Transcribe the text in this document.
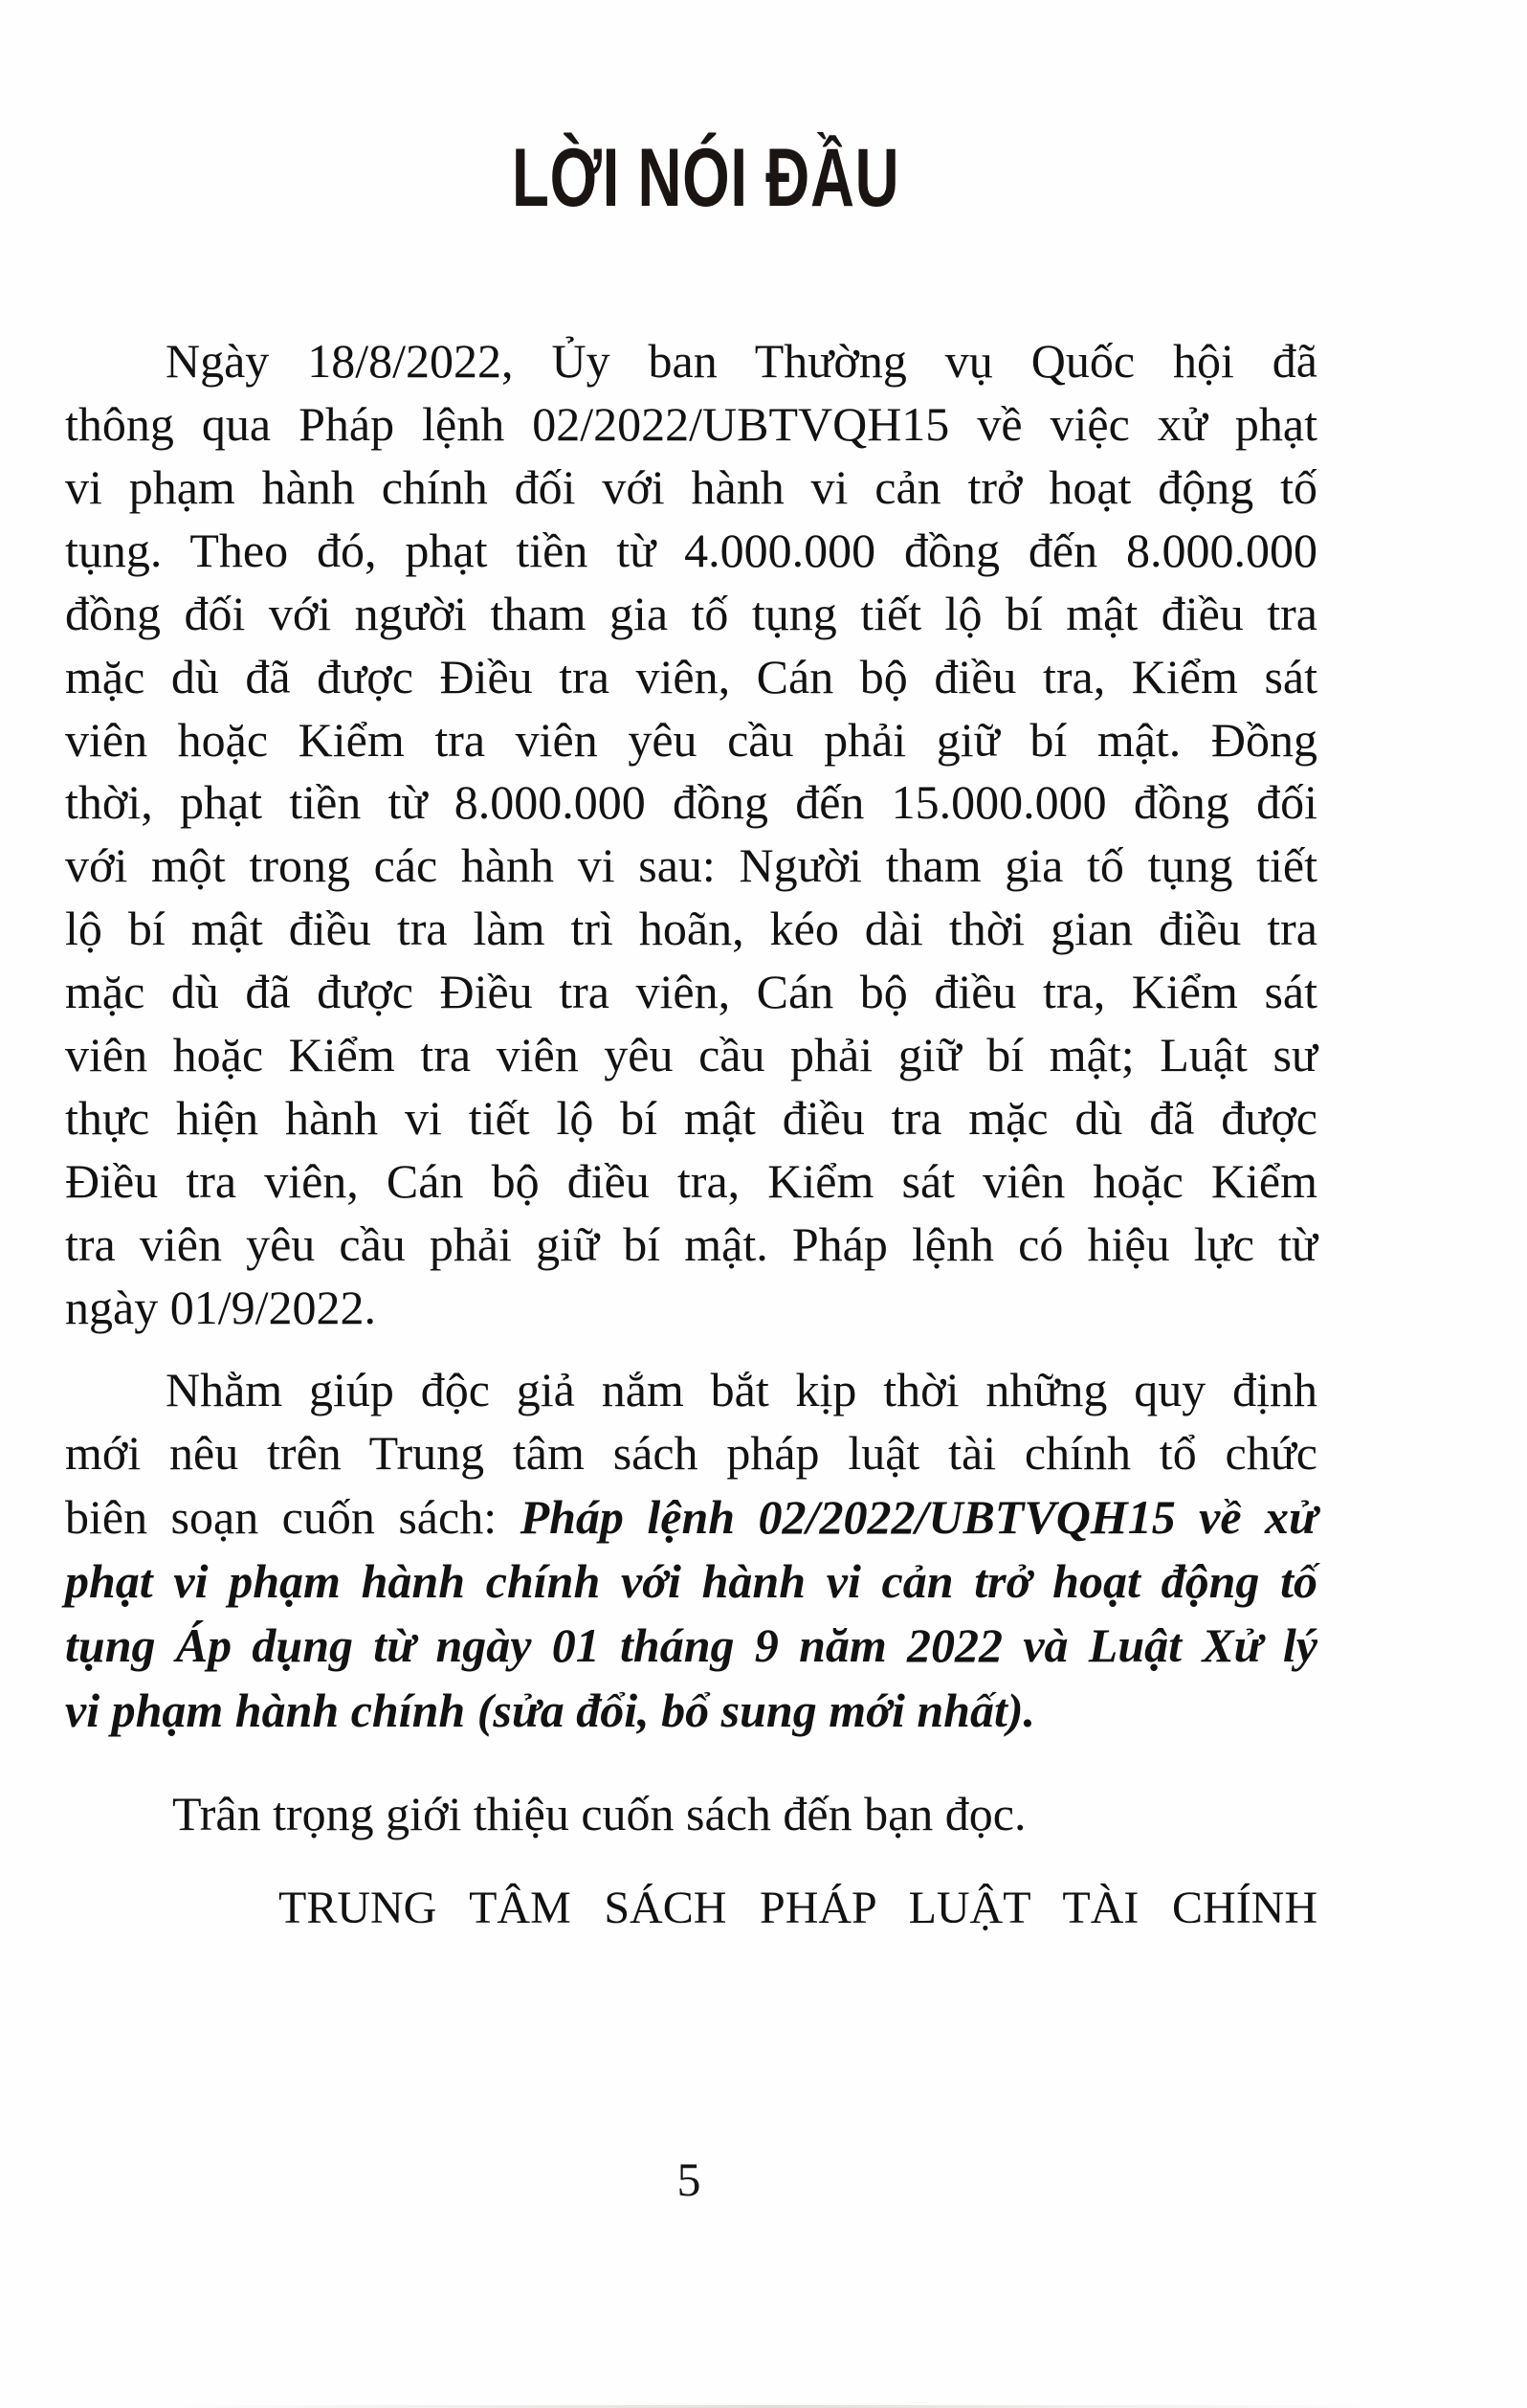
LỜI NÓI ĐẦU
Ngày 18/8/2022, Ủy ban Thường vụ Quốc hội đã
thông qua Pháp lệnh 02/2022/UBTVQH15 về việc xử phạt
vi phạm hành chính đối với hành vi cản trở hoạt động tố
tụng. Theo đó, phạt tiền từ 4.000.000 đồng đến 8.000.000
đồng đối với người tham gia tố tụng tiết lộ bí mật điều tra
mặc dù đã được Điều tra viên, Cán bộ điều tra, Kiểm sát
viên hoặc Kiểm tra viên yêu cầu phải giữ bí mật. Đồng
thời, phạt tiền từ 8.000.000 đồng đến 15.000.000 đồng đối
với một trong các hành vi sau: Người tham gia tố tụng tiết
lộ bí mật điều tra làm trì hoãn, kéo dài thời gian điều tra
mặc dù đã được Điều tra viên, Cán bộ điều tra, Kiểm sát
viên hoặc Kiểm tra viên yêu cầu phải giữ bí mật; Luật sư
thực hiện hành vi tiết lộ bí mật điều tra mặc dù đã được
Điều tra viên, Cán bộ điều tra, Kiểm sát viên hoặc Kiểm
tra viên yêu cầu phải giữ bí mật. Pháp lệnh có hiệu lực từ
ngày 01/9/2022.
Nhằm giúp độc giả nắm bắt kịp thời những quy định
mới nêu trên Trung tâm sách pháp luật tài chính tổ chức
biên soạn cuốn sách: Pháp lệnh 02/2022/UBTVQH15 về xử
phạt vi phạm hành chính với hành vi cản trở hoạt động tố
tụng Áp dụng từ ngày 01 tháng 9 năm 2022 và Luật Xử lý
vi phạm hành chính (sửa đổi, bổ sung mới nhất).
Trân trọng giới thiệu cuốn sách đến bạn đọc.
TRUNG TÂM SÁCH PHÁP LUẬT TÀI CHÍNH
5
